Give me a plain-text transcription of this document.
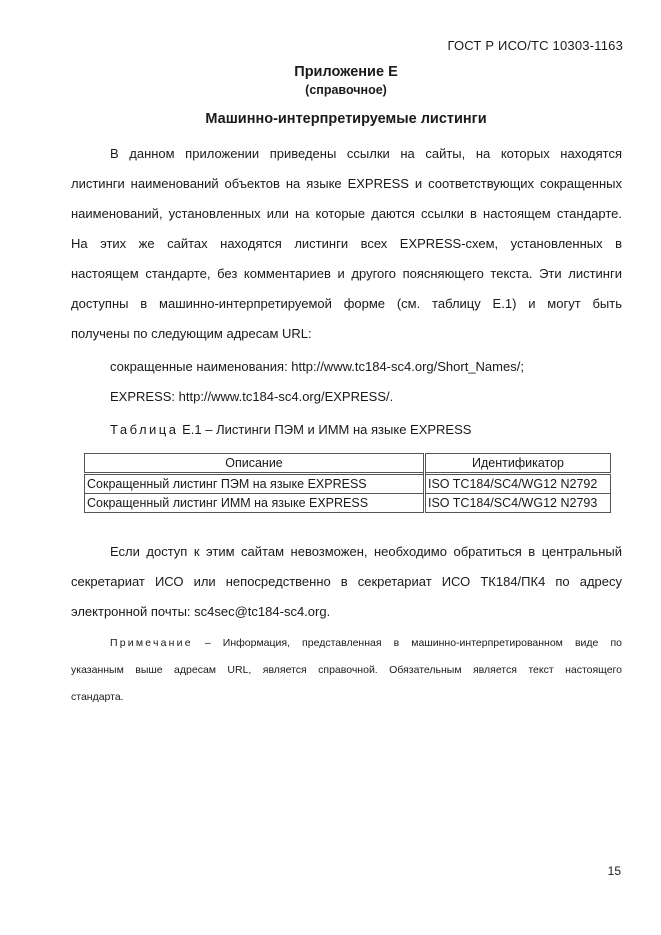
ГОСТ Р ИСО/ТС 10303-1163
Приложение Е
(справочное)
Машинно-интерпретируемые листинги
В данном приложении приведены ссылки на сайты, на которых находятся
листинги наименований объектов на языке EXPRESS и соответствующих сокращенных
наименований, установленных или на которые даются ссылки в настоящем стандарте.
На этих же сайтах находятся листинги всех EXPRESS-схем, установленных в
настоящем стандарте, без комментариев и другого поясняющего текста. Эти листинги
доступны в машинно-интерпретируемой форме (см. таблицу Е.1) и могут быть
получены по следующим адресам URL:
сокращенные наименования: http://www.tc184-sc4.org/Short_Names/;
EXPRESS: http://www.tc184-sc4.org/EXPRESS/.
Таблица Е.1 – Листинги ПЭМ и ИММ на языке EXPRESS
Описание	Идентификатор
Сокращенный листинг ПЭМ на языке EXPRESS	ISO TC184/SC4/WG12 N2792
Сокращенный листинг ИММ на языке EXPRESS	ISO TC184/SC4/WG12 N2793
Если доступ к этим сайтам невозможен, необходимо обратиться в центральный
секретариат ИСО или непосредственно в секретариат ИСО ТК184/ПК4 по адресу
электронной почты: sc4sec@tc184-sc4.org.
Примечание – Информация, представленная в машинно-интерпретированном виде по
указанным выше адресам URL, является справочной. Обязательным является текст настоящего
стандарта.
15
